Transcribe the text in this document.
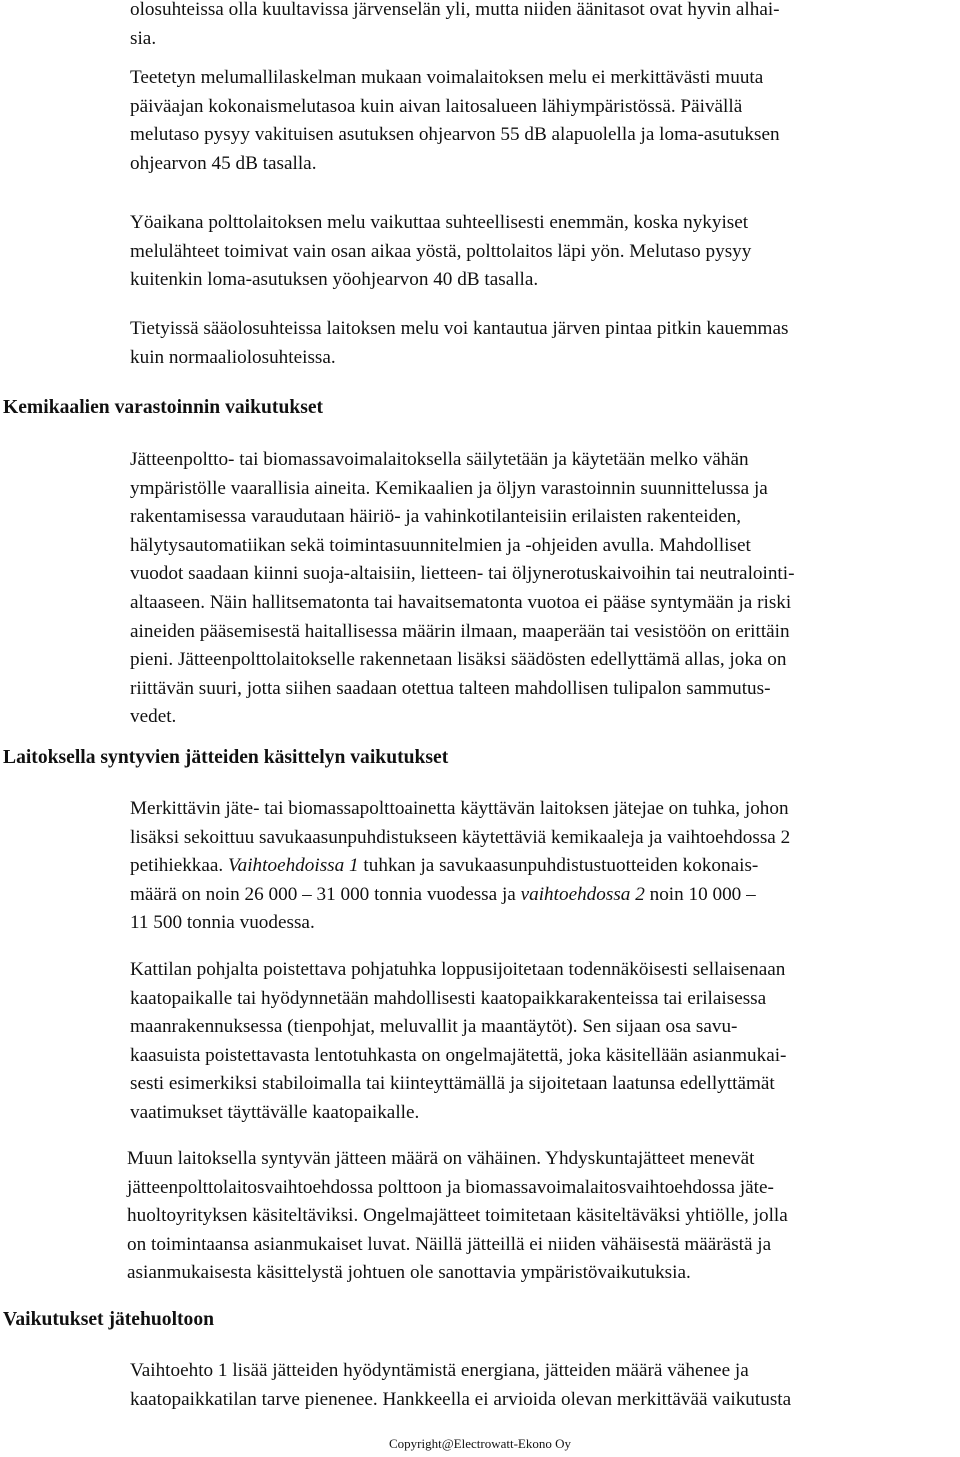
olosuhteissa olla kuultavissa järvenselän yli, mutta niiden äänitasot ovat hyvin alhai-
sia.

Teetetyn melumallilaskelman mukaan voimalaitoksen melu ei merkittävästi muuta
päiväajan kokonaismelutasoa kuin aivan laitosalueen lähiympäristössä. Päivällä
melutaso pysyy vakituisen asutuksen ohjearvon 55 dB alapuolella ja loma-asutuksen
ohjearvon 45 dB tasalla.

Yöaikana polttolaitoksen melu vaikuttaa suhteellisesti enemmän, koska nykyiset
melulähteet toimivat vain osan aikaa yöstä, polttolaitos läpi yön. Melutaso pysyy
kuitenkin loma-asutuksen yöohjearvon 40 dB tasalla.

Tietyissä sääolosuhteissa laitoksen melu voi kantautua järven pintaa pitkin kauemmas
kuin normaaliolosuhteissa.

Kemikaalien varastoinnin vaikutukset

Jätteenpoltto- tai biomassavoimalaitoksella säilytetään ja käytetään melko vähän
ympäristölle vaarallisia aineita. Kemikaalien ja öljyn varastoinnin suunnittelussa ja
rakentamisessa varaudutaan häiriö- ja vahinkotilanteisiin erilaisten rakenteiden,
hälytysautomatiikan sekä toimintasuunnitelmien ja -ohjeiden avulla. Mahdolliset
vuodot saadaan kiinni suoja-altaisiin, lietteen- tai öljynerotuskaivoihin tai neutralointi-
altaaseen. Näin hallitsematonta tai havaitsematonta vuotoa ei pääse syntymään ja riski
aineiden pääsemisestä haitallisessa määrin ilmaan, maaperään tai vesistöön on erittäin
pieni. Jätteenpolttolaitokselle rakennetaan lisäksi säädösten edellyttämä allas, joka on
riittävän suuri, jotta siihen saadaan otettua talteen mahdollisen tulipalon sammutus-
vedet.

Laitoksella syntyvien jätteiden käsittelyn vaikutukset

Merkittävin jäte- tai biomassapolttoainetta käyttävän laitoksen jätejae on tuhka, johon
lisäksi sekoittuu savukaasunpuhdistukseen käytettäviä kemikaaleja ja vaihtoehdossa 2
petihiekkaa. Vaihtoehdoissa 1 tuhkan ja savukaasunpuhdistustuotteiden kokonais-
määrä on noin 26 000 – 31 000 tonnia vuodessa ja vaihtoehdossa 2 noin 10 000 –
11 500 tonnia vuodessa.

Kattilan pohjalta poistettava pohjatuhka loppusijoitetaan todennäköisesti sellaisenaan
kaatopaikalle tai hyödynnetään mahdollisesti kaatopaikkarakenteissa tai erilaisessa
maanrakennuksessa (tienpohjat, meluvallit ja maantäytöt). Sen sijaan osa savu-
kaasuista poistettavasta lentotuhkasta on ongelmajätettä, joka käsitellään asianmukai-
sesti esimerkiksi stabiloimalla tai kiinteyttämällä ja sijoitetaan laatunsa edellyttämät
vaatimukset täyttävälle kaatopaikalle.

Muun laitoksella syntyvän jätteen määrä on vähäinen. Yhdyskuntajätteet menevät
jätteenpolttolaitosvaihtoehdossa polttoon ja biomassavoimalaitosvaihtoehdossa jäte-
huoltoyrityksen käsiteltäviksi. Ongelmajätteet toimitetaan käsiteltäväksi yhtiölle, jolla
on toimintaansa asianmukaiset luvat. Näillä jätteillä ei niiden vähäisestä määrästä ja
asianmukaisesta käsittelystä johtuen ole sanottavia ympäristövaikutuksia.

Vaikutukset jätehuoltoon

Vaihtoehto 1 lisää jätteiden hyödyntämistä energiana, jätteiden määrä vähenee ja
kaatopaikkatilan tarve pienenee. Hankkeella ei arvioida olevan merkittävää vaikutusta

Copyright@Electrowatt-Ekono Oy
